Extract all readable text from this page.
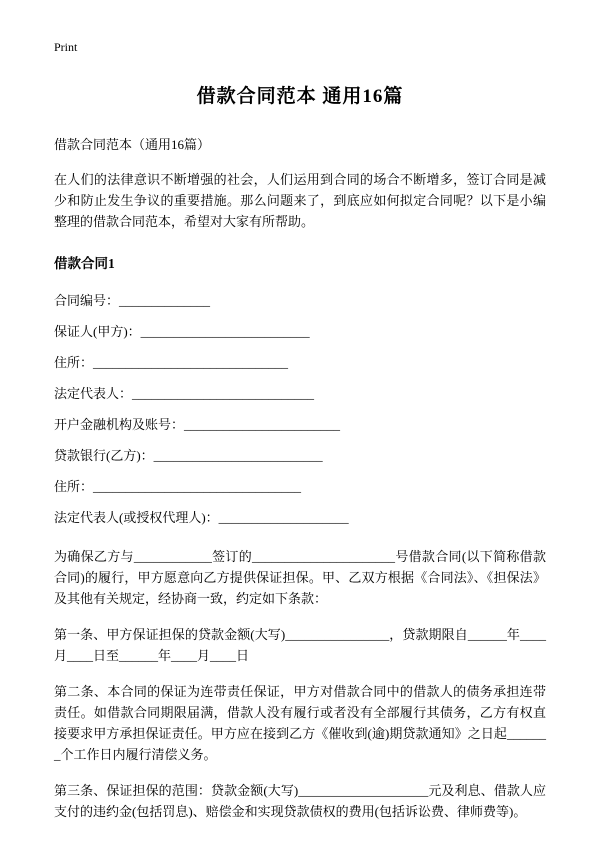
Print
借款合同范本 通用16篇

借款合同范本（通用16篇）

在人们的法律意识不断增强的社会，人们运用到合同的场合不断增多，签订合同是减少和防止发生争议的重要措施。那么问题来了，到底应如何拟定合同呢？以下是小编整理的借款合同范本，希望对大家有所帮助。

借款合同1

合同编号：______________

保证人(甲方)：__________________________

住所：______________________________

法定代表人：____________________________

开户金融机构及账号：________________________

贷款银行(乙方)：__________________________

住所：________________________________

法定代表人(或授权代理人)：____________________

为确保乙方与____________签订的______________________号借款合同(以下简称借款合同)的履行，甲方愿意向乙方提供保证担保。甲、乙双方根据《合同法》、《担保法》及其他有关规定，经协商一致，约定如下条款：

第一条、甲方保证担保的贷款金额(大写)________________，贷款期限自______年____月____日至______年____月____日

第二条、本合同的保证为连带责任保证，甲方对借款合同中的借款人的债务承担连带责任。如借款合同期限届满，借款人没有履行或者没有全部履行其债务，乙方有权直接要求甲方承担保证责任。甲方应在接到乙方《催收到(逾)期贷款通知》之日起_______个工作日内履行清偿义务。

第三条、保证担保的范围：贷款金额(大写)____________________元及利息、借款人应支付的违约金(包括罚息)、赔偿金和实现贷款债权的费用(包括诉讼费、律师费等)。
